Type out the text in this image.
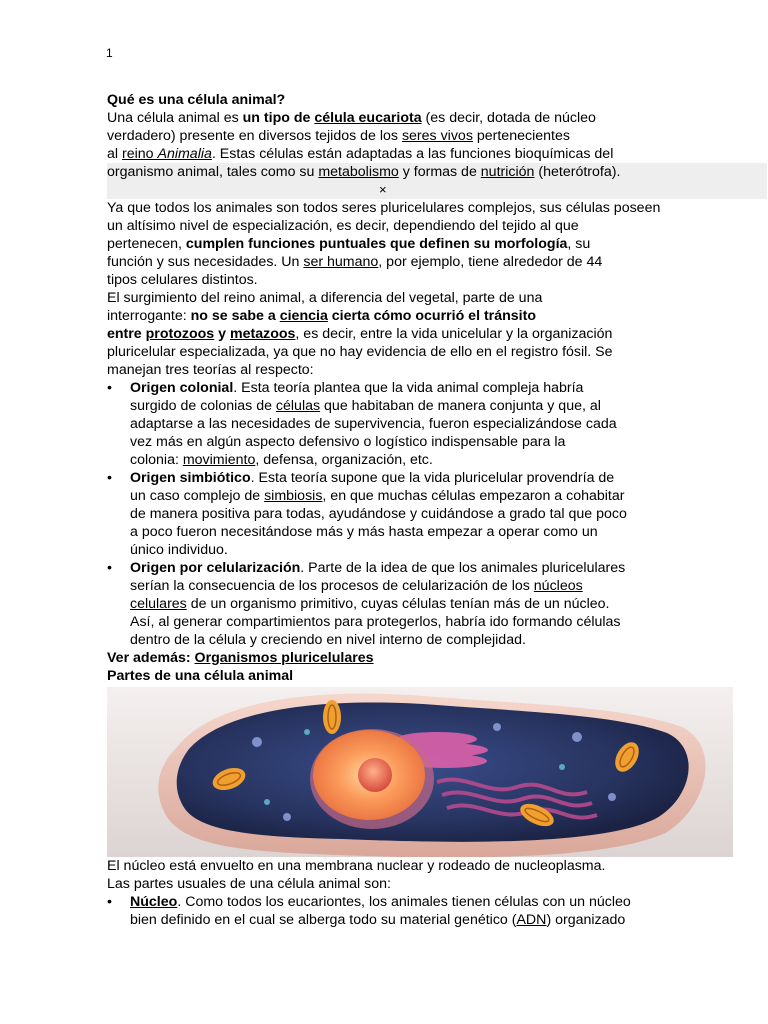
1
Qué es una célula animal?
Una célula animal es un tipo de célula eucariota (es decir, dotada de núcleo
verdadero) presente en diversos tejidos de los seres vivos pertenecientes
al reino Animalia. Estas células están adaptadas a las funciones bioquímicas del
organismo animal, tales como su metabolismo y formas de nutrición (heterótrofa).
×
Ya que todos los animales son todos seres pluricelulares complejos, sus células poseen
un altísimo nivel de especialización, es decir, dependiendo del tejido al que
pertenecen, cumplen funciones puntuales que definen su morfología, su
función y sus necesidades. Un ser humano, por ejemplo, tiene alrededor de 44
tipos celulares distintos.
El surgimiento del reino animal, a diferencia del vegetal, parte de una
interrogante: no se sabe a ciencia cierta cómo ocurrió el tránsito
entre protozoos y metazoos, es decir, entre la vida unicelular y la organización
pluricelular especializada, ya que no hay evidencia de ello en el registro fósil. Se
manejan tres teorías al respecto:
• Origen colonial. Esta teoría plantea que la vida animal compleja habría
surgido de colonias de células que habitaban de manera conjunta y que, al
adaptarse a las necesidades de supervivencia, fueron especializándose cada
vez más en algún aspecto defensivo o logístico indispensable para la
colonia: movimiento, defensa, organización, etc.
• Origen simbiótico. Esta teoría supone que la vida pluricelular provendría de
un caso complejo de simbiosis, en que muchas células empezaron a cohabitar
de manera positiva para todas, ayudándose y cuidándose a grado tal que poco
a poco fueron necesitándose más y más hasta empezar a operar como un
único individuo.
• Origen por celularización. Parte de la idea de que los animales pluricelulares
serían la consecuencia de los procesos de celularización de los núcleos
celulares de un organismo primitivo, cuyas células tenían más de un núcleo.
Así, al generar compartimientos para protegerlos, habría ido formando células
dentro de la célula y creciendo en nivel interno de complejidad.
Ver además: Organismos pluricelulares
Partes de una célula animal
El núcleo está envuelto en una membrana nuclear y rodeado de nucleoplasma.
Las partes usuales de una célula animal son:
• Núcleo. Como todos los eucariontes, los animales tienen células con un núcleo
bien definido en el cual se alberga todo su material genético (ADN) organizado
